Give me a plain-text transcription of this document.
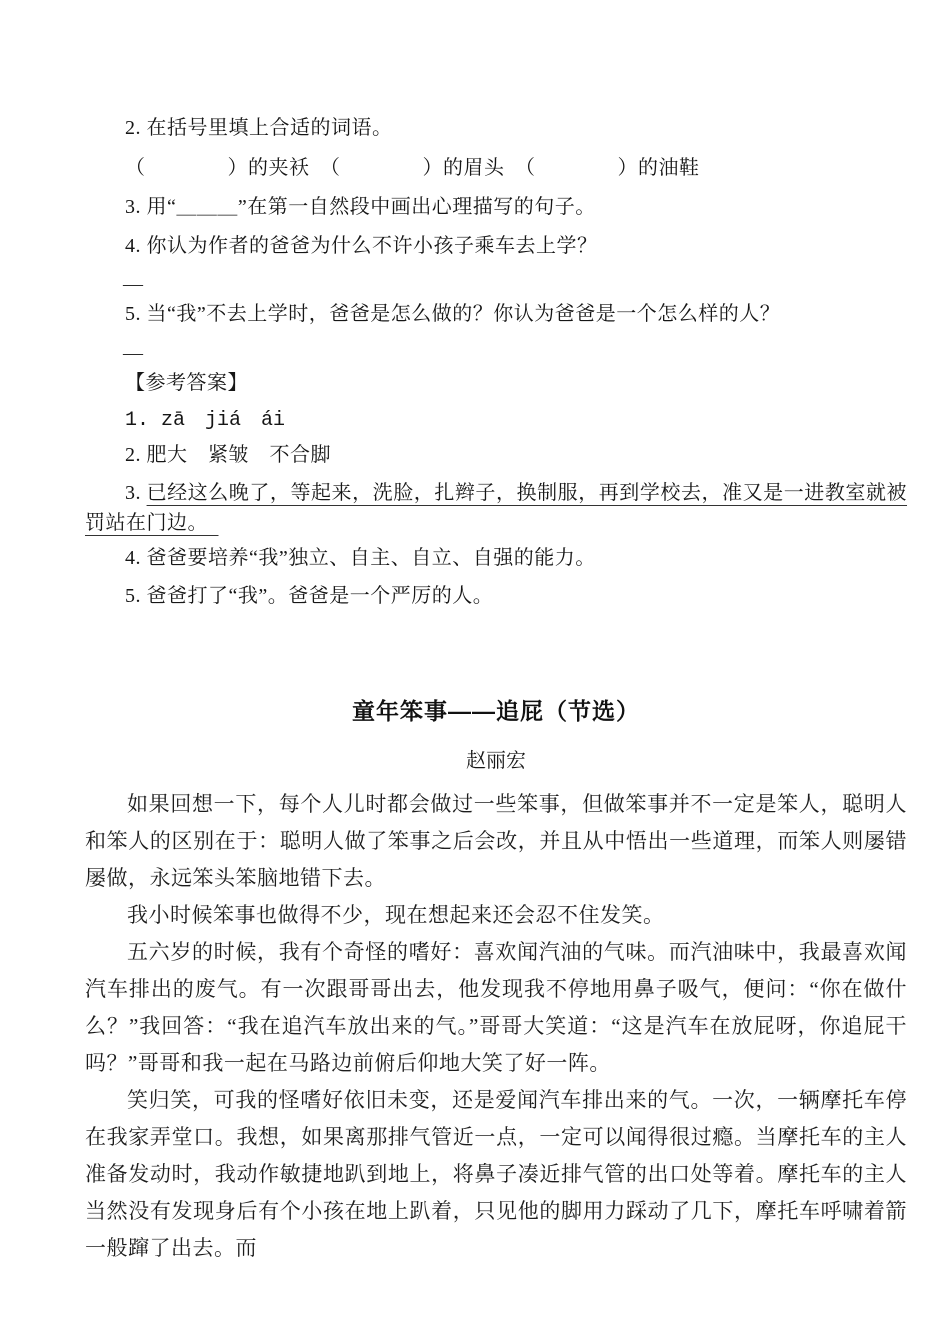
2. 在括号里填上合适的词语。

（　　　　）的夹袄　（　　　　）的眉头　（　　　　）的油鞋

3. 用“＿＿＿”在第一自然段中画出心理描写的句子。

4. 你认为作者的爸爸为什么不许小孩子乘车去上学？

—

5. 当“我”不去上学时，爸爸是怎么做的？你认为爸爸是一个怎么样的人？

—

【参考答案】

1. zā　jiá　ái

2. 肥大　紧皱　不合脚

3. 已经这么晚了，等起来，洗脸，扎辫子，换制服，再到学校去，准又是一进教室就被罚站在门边。　

4. 爸爸要培养“我”独立、自主、自立、自强的能力。

5. 爸爸打了“我”。爸爸是一个严厉的人。

童年笨事——追屁（节选）

赵丽宏

如果回想一下，每个人儿时都会做过一些笨事，但做笨事并不一定是笨人，聪明人和笨人的区别在于：聪明人做了笨事之后会改，并且从中悟出一些道理，而笨人则屡错屡做，永远笨头笨脑地错下去。

我小时候笨事也做得不少，现在想起来还会忍不住发笑。

五六岁的时候，我有个奇怪的嗜好：喜欢闻汽油的气味。而汽油味中，我最喜欢闻汽车排出的废气。有一次跟哥哥出去，他发现我不停地用鼻子吸气，便问：“你在做什么？”我回答：“我在追汽车放出来的气。”哥哥大笑道：“这是汽车在放屁呀，你追屁干吗？”哥哥和我一起在马路边前俯后仰地大笑了好一阵。

笑归笑，可我的怪嗜好依旧未变，还是爱闻汽车排出来的气。一次，一辆摩托车停在我家弄堂口。我想，如果离那排气管近一点，一定可以闻得很过瘾。当摩托车的主人准备发动时，我动作敏捷地趴到地上，将鼻子凑近排气管的出口处等着。摩托车的主人当然没有发现身后有个小孩在地上趴着，只见他的脚用力踩动了几下，摩托车呼啸着箭一般蹿了出去。而
